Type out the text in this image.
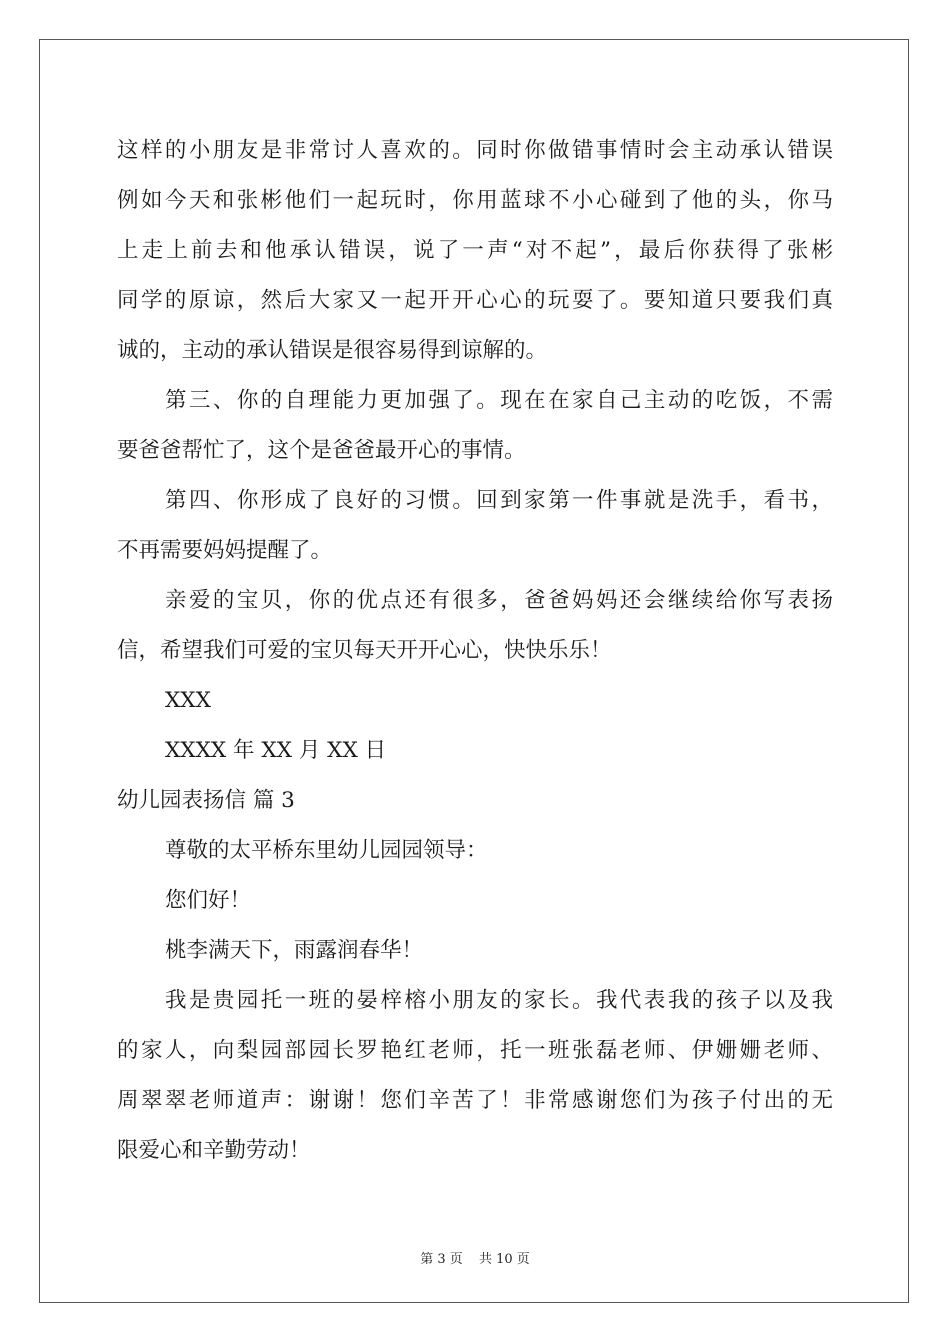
这样的小朋友是非常讨人喜欢的。同时你做错事情时会主动承认错误
例如今天和张彬他们一起玩时，你用蓝球不小心碰到了他的头，你马
上走上前去和他承认错误，说了一声“对不起”，最后你获得了张彬
同学的原谅，然后大家又一起开开心心的玩耍了。要知道只要我们真
诚的，主动的承认错误是很容易得到谅解的。
第三、你的自理能力更加强了。现在在家自己主动的吃饭，不需
要爸爸帮忙了，这个是爸爸最开心的事情。
第四、你形成了良好的习惯。回到家第一件事就是洗手，看书，
不再需要妈妈提醒了。
亲爱的宝贝，你的优点还有很多，爸爸妈妈还会继续给你写表扬
信，希望我们可爱的宝贝每天开开心心，快快乐乐！
XXX
XXXX 年 XX 月 XX 日
幼儿园表扬信 篇 3
尊敬的太平桥东里幼儿园园领导：
您们好！
桃李满天下，雨露润春华！
我是贵园托一班的晏梓榕小朋友的家长。我代表我的孩子以及我
的家人，向梨园部园长罗艳红老师，托一班张磊老师、伊姗姗老师、
周翠翠老师道声：谢谢！您们辛苦了！非常感谢您们为孩子付出的无
限爱心和辛勤劳动！
第 3 页 共 10 页
